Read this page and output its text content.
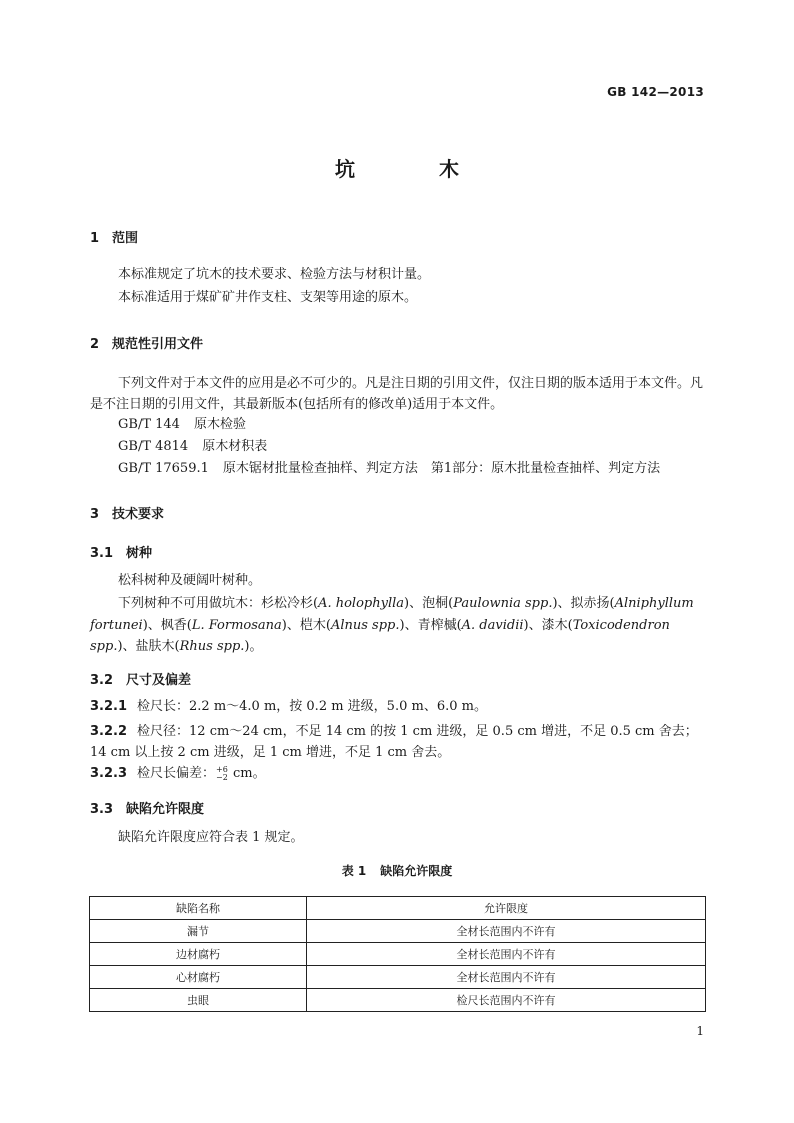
GB 142—2013
坑	木
1 范围
本标准规定了坑木的技术要求、检验方法与材积计量。
本标准适用于煤矿矿井作支柱、支架等用途的原木。
2 规范性引用文件
下列文件对于本文件的应用是必不可少的。凡是注日期的引用文件，仅注日期的版本适用于本文件。凡是不注日期的引用文件，其最新版本(包括所有的修改单)适用于本文件。
GB/T 144 原木检验
GB/T 4814 原木材积表
GB/T 17659.1 原木锯材批量检查抽样、判定方法　第1部分：原木批量检查抽样、判定方法
3 技术要求
3.1 树种
松科树种及硬阔叶树种。
下列树种不可用做坑木：杉松冷杉(A. holophylla)、泡桐(Paulownia spp.)、拟赤扬(Alniphyllum fortunei)、枫香(L. Formosana)、桤木(Alnus spp.)、青榨槭(A. davidii)、漆木(Toxicodendron spp.)、盐肤木(Rhus spp.)。
3.2 尺寸及偏差
3.2.1 检尺长：2.2 m～4.0 m，按 0.2 m 进级，5.0 m、6.0 m。
3.2.2 检尺径：12 cm～24 cm，不足 14 cm 的按 1 cm 进级，足 0.5 cm 增进，不足 0.5 cm 舍去；14 cm 以上按 2 cm 进级，足 1 cm 增进，不足 1 cm 舍去。
3.2.3 检尺长偏差：+6
−2 cm。
3.3 缺陷允许限度
缺陷允许限度应符合表 1 规定。
表 1 缺陷允许限度
缺陷名称	允许限度
漏节	全材长范围内不许有
边材腐朽	全材长范围内不许有
心材腐朽	全材长范围内不许有
虫眼	检尺长范围内不许有
1
